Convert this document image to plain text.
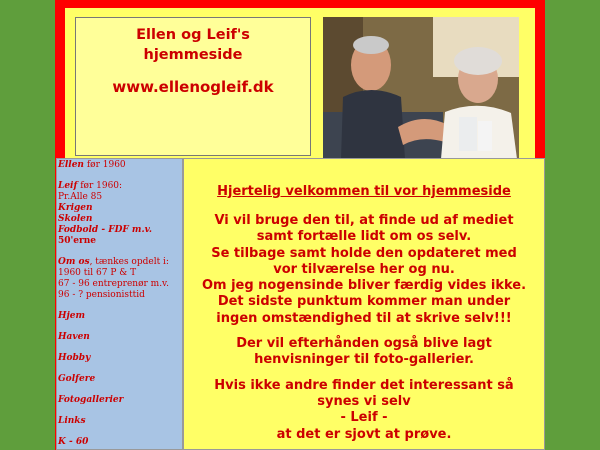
Ellen og Leif's
hjemmeside
www.ellenogleif.dk
Ellen før 1960
Leif før 1960:
Pr.Alle 85
Krigen
Skolen
Fodbold - FDF m.v.
50'erne
Om os, tænkes opdelt i:
1960 til 67 P & T
67 - 96 entreprenør m.v.
96 - ? pensionisttid
Hjem
Haven
Hobby
Golfere
Fotogallerier
Links
K - 60
Hjertelig velkommen til vor hjemmeside
Vi vil bruge den til, at finde ud af mediet
samt fortælle lidt om os selv.
Se tilbage samt holde den opdateret med
vor tilværelse her og nu.
Om jeg nogensinde bliver færdig vides ikke.
Det sidste punktum kommer man under
ingen omstændighed til at skrive selv!!!
Der vil efterhånden også blive lagt
henvisninger til foto-gallerier.
Hvis ikke andre finder det interessant så
synes vi selv
- Leif -
at det er sjovt at prøve.
